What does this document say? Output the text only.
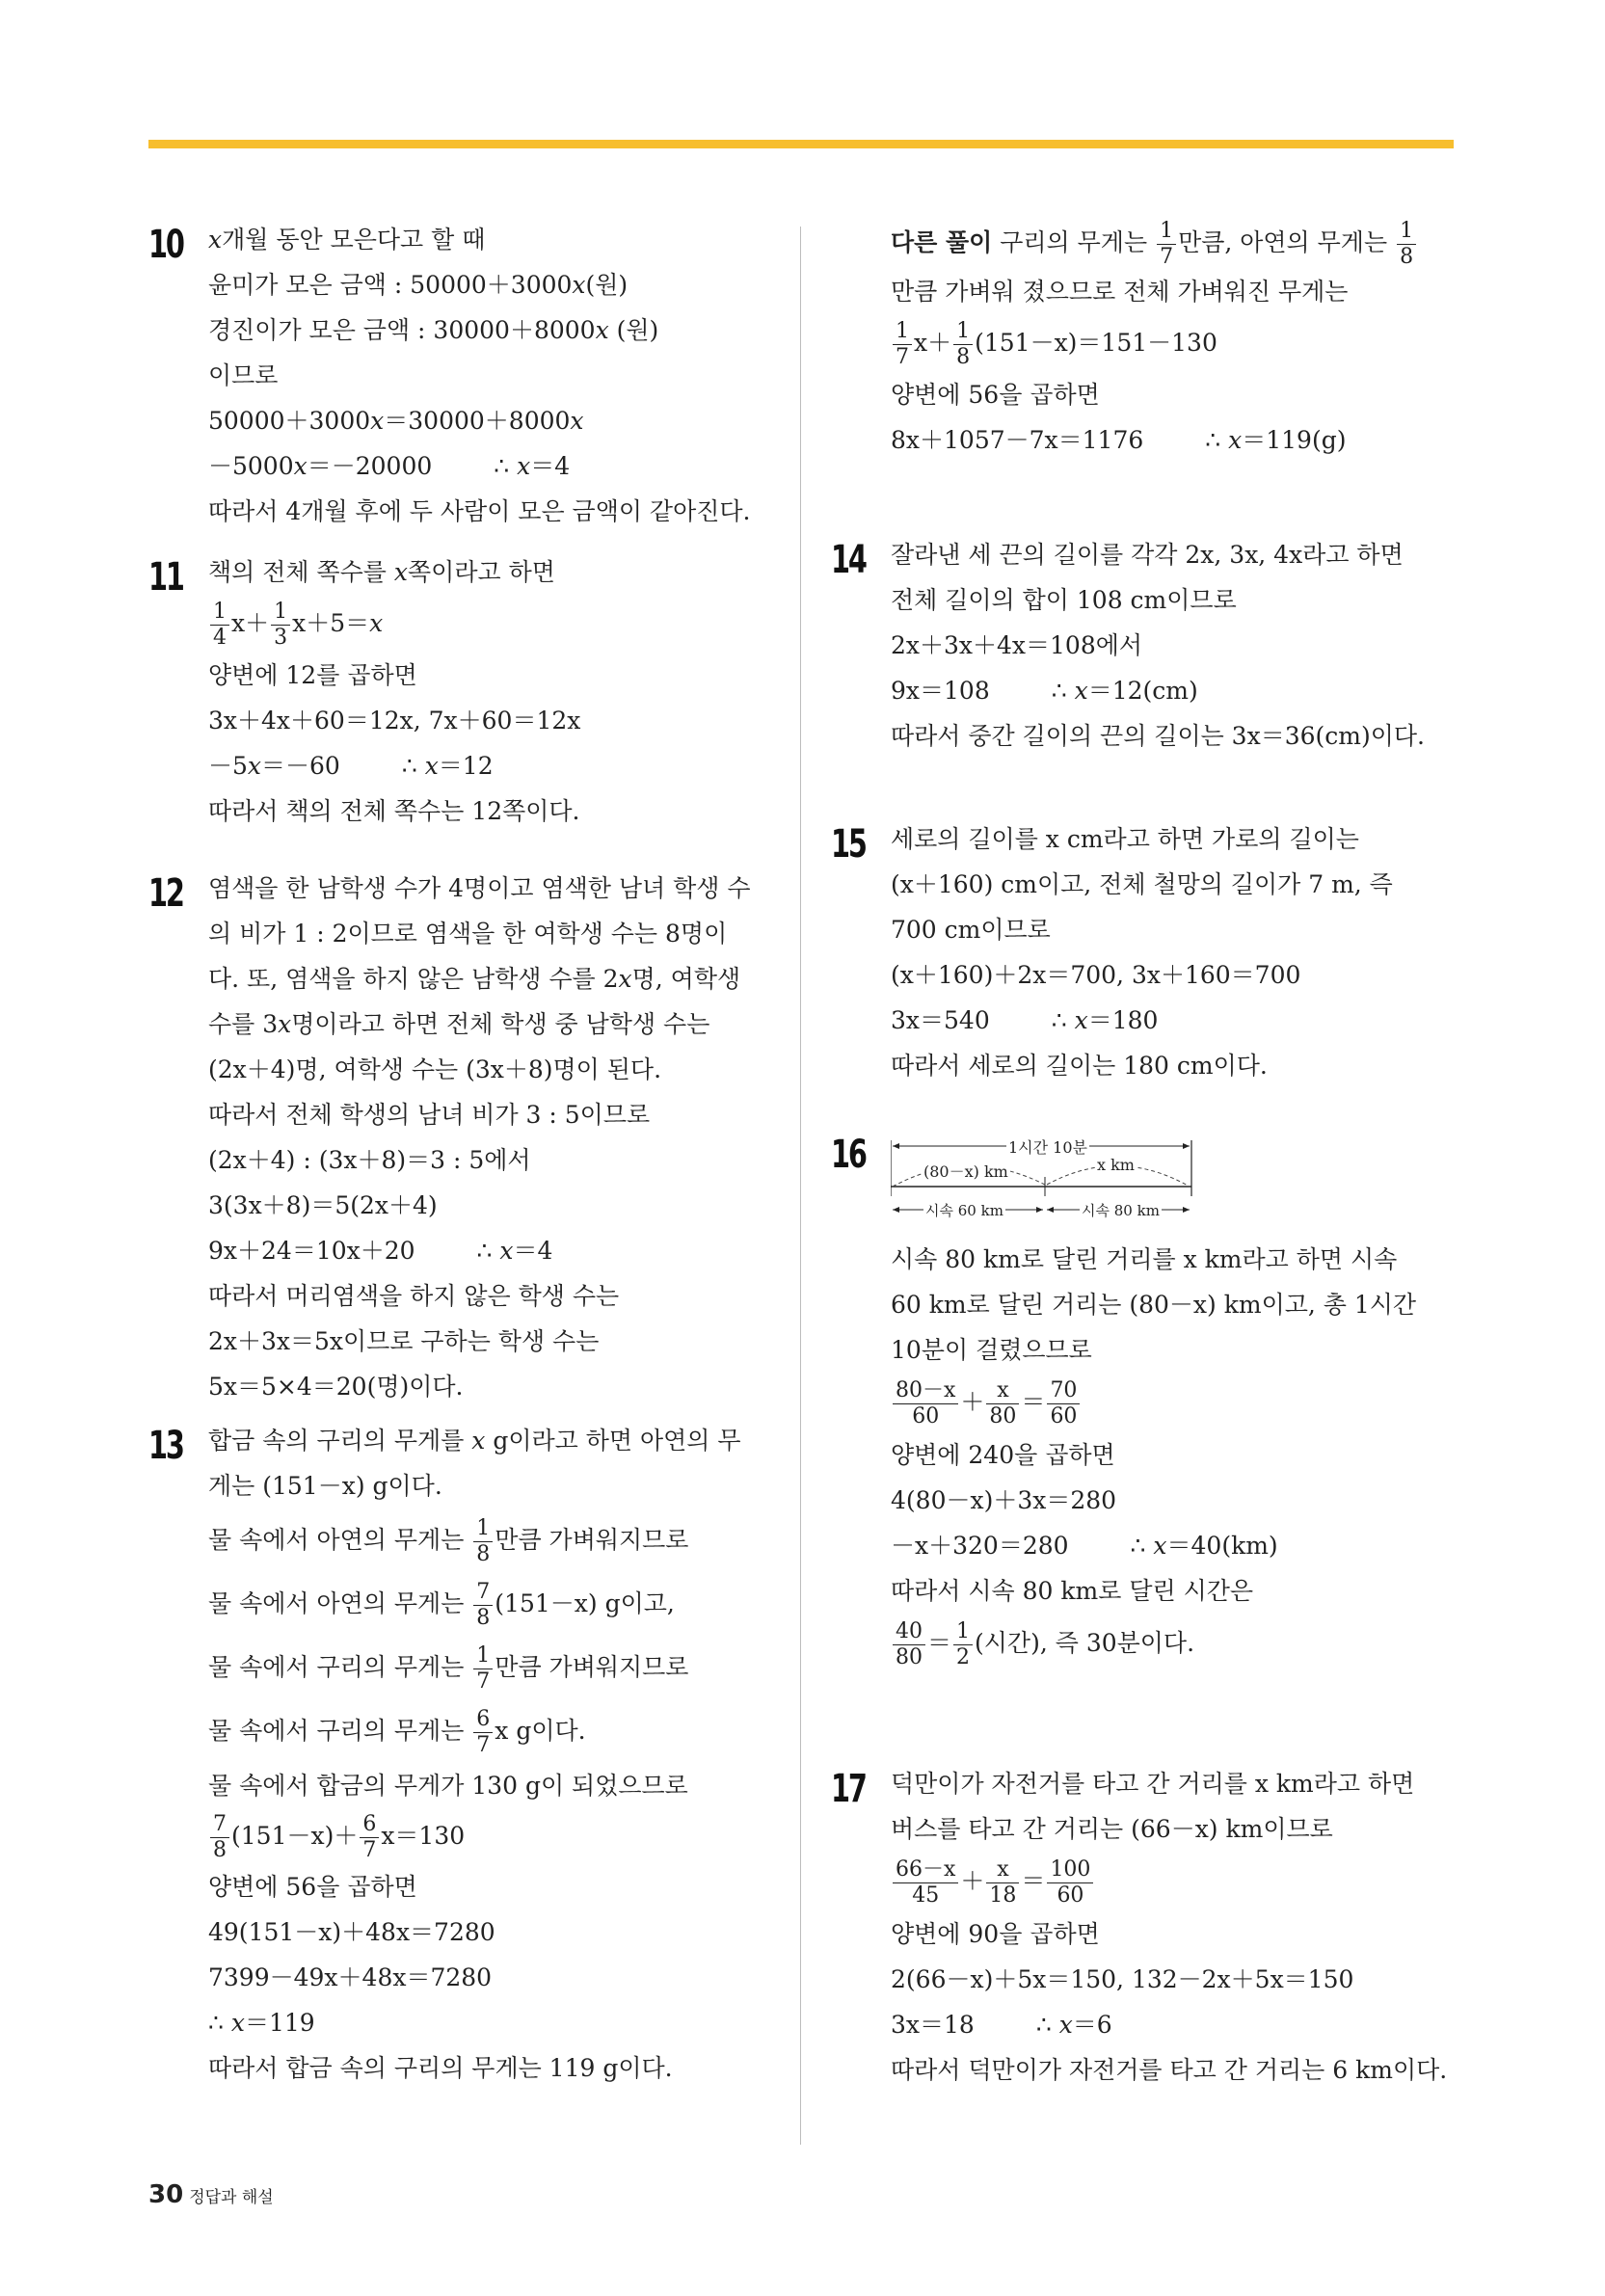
10 x개월 동안 모은다고 할 때
윤미가 모은 금액 : 50000＋3000x(원)
경진이가 모은 금액 : 30000＋8000x (원)
이므로
50000＋3000x＝30000＋8000x
－5000x＝－20000	∴ x＝4
따라서 4개월 후에 두 사람이 모은 금액이 같아진다.
11 책의 전체 쪽수를 x쪽이라고 하면
$\frac{1}{4} x+ \frac{1}{3} x+5=x$
양변에 12를 곱하면
3x＋4x＋60＝12x, 7x＋60＝12x
－5x＝－60	∴ x＝12
따라서 책의 전체 쪽수는 12쪽이다.
12 염색을 한 남학생 수가 4명이고 염색한 남녀 학생 수
의 비가 1 : 2이므로 염색을 한 여학생 수는 8명이
다. 또, 염색을 하지 않은 남학생 수를 2x명, 여학생
수를 3x명이라고 하면 전체 학생 중 남학생 수는
(2x＋4)명, 여학생 수는 (3x＋8)명이 된다.
따라서 전체 학생의 남녀 비가 3 : 5이므로
(2x＋4) : (3x＋8)＝3 : 5에서
3(3x＋8)＝5(2x＋4)
9x＋24＝10x＋20	∴ x＝4
따라서 머리염색을 하지 않은 학생 수는
2x＋3x＝5x이므로 구하는 학생 수는
5x＝5×4＝20(명)이다.
13 합금 속의 구리의 무게를 x g이라고 하면 아연의 무
게는 (151－x) g이다.
물 속에서 아연의 무게는 $\frac{1}{8}$ 만큼 가벼워지므로
물 속에서 아연의 무게는 $\frac{7}{8} (151-x)$ g이고,
물 속에서 구리의 무게는 $\frac{1}{7}$ 만큼 가벼워지므로
물 속에서 구리의 무게는 $\frac{6}{7}$ x g이다.
물 속에서 합금의 무게가 130 g이 되었으므로
$\frac{7}{8} (151-x)+ \frac{6}{7} x=130$
양변에 56을 곱하면
49(151－x)＋48x＝7280
7399－49x＋48x＝7280
∴ x＝119
따라서 합금 속의 구리의 무게는 119 g이다.
다른 풀이 구리의 무게는 $\frac{1}{7}$ 만큼, 아연의 무게는 $\frac{1}{8}$
만큼 가벼워 졌으므로 전체 가벼워진 무게는
$\frac{1}{7} x+ \frac{1}{8} (151-x)=151-130$
양변에 56을 곱하면
8x＋1057－7x＝1176	∴ x＝119(g)
14 잘라낸 세 끈의 길이를 각각 2x, 3x, 4x라고 하면
전체 길이의 합이 108 cm이므로
2x＋3x＋4x＝108에서
9x＝108	∴ x＝12(cm)
따라서 중간 길이의 끈의 길이는 3x＝36(cm)이다.
15 세로의 길이를 x cm라고 하면 가로의 길이는
(x＋160) cm이고, 전체 철망의 길이가 7 m, 즉
700 cm이므로
(x＋160)＋2x＝700, 3x＋160＝700
3x＝540	∴ x＝180
따라서 세로의 길이는 180 cm이다.
16	1시간 10분
(80－x) km	x km
시속 60 km	시속 80 km
시속 80 km로 달린 거리를 x km라고 하면 시속
60 km로 달린 거리는 (80－x) km이고, 총 1시간
10분이 걸렸으므로
$\frac{80-x}{60} + \frac{x}{80} = \frac{70}{60}$
양변에 240을 곱하면
4(80－x)＋3x＝280
－x＋320＝280	∴ x＝40(km)
따라서 시속 80 km로 달린 시간은
$\frac{40}{80} = \frac{1}{2}$ (시간), 즉 30분이다.
17 덕만이가 자전거를 타고 간 거리를 x km라고 하면
버스를 타고 간 거리는 (66－x) km이므로
$\frac{66-x}{45} + \frac{x}{18} = \frac{100}{60}$
양변에 90을 곱하면
2(66－x)＋5x＝150, 132－2x＋5x＝150
3x＝18	∴ x＝6
따라서 덕만이가 자전거를 타고 간 거리는 6 km이다.
30 정답과 해설
